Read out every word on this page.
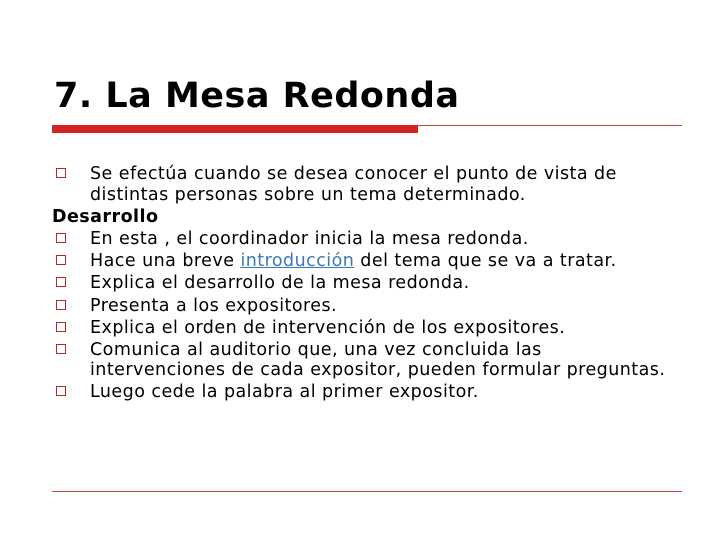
7. La Mesa Redonda
Se efectúa cuando se desea conocer el punto de vista de distintas personas sobre un tema determinado.
Desarrollo
En esta , el coordinador inicia la mesa redonda.
Hace una breve introducción del tema que se va a tratar.
Explica el desarrollo de la mesa redonda.
Presenta a los expositores.
Explica el orden de intervención de los expositores.
Comunica al auditorio que, una vez concluida las intervenciones de cada expositor, pueden formular preguntas.
Luego cede la palabra al primer expositor.
